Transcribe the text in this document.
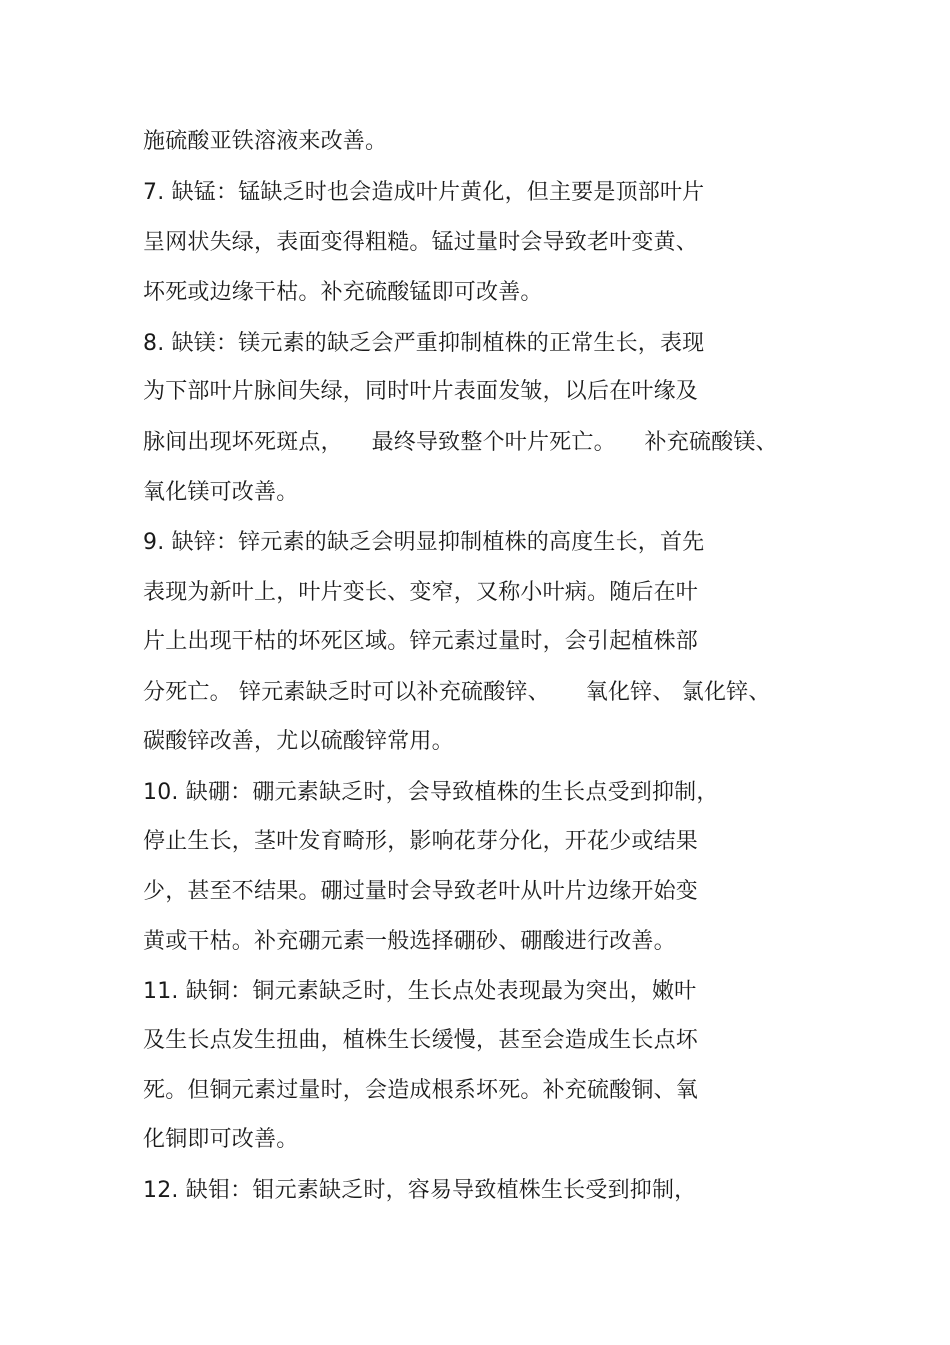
施硫酸亚铁溶液来改善。
7. 缺锰：锰缺乏时也会造成叶片黄化，但主要是顶部叶片
呈网状失绿，表面变得粗糙。锰过量时会导致老叶变黄、
坏死或边缘干枯。补充硫酸锰即可改善。
8. 缺镁：镁元素的缺乏会严重抑制植株的正常生长，表现
为下部叶片脉间失绿，同时叶片表面发皱，以后在叶缘及
脉间出现坏死斑点，    最终导致整个叶片死亡。    补充硫酸镁、
氧化镁可改善。
9. 缺锌：锌元素的缺乏会明显抑制植株的高度生长，首先
表现为新叶上，叶片变长、变窄，又称小叶病。随后在叶
片上出现干枯的坏死区域。锌元素过量时，会引起植株部
分死亡。 锌元素缺乏时可以补充硫酸锌、     氧化锌、 氯化锌、
碳酸锌改善，尤以硫酸锌常用。
10. 缺硼：硼元素缺乏时，会导致植株的生长点受到抑制，
停止生长，茎叶发育畸形，影响花芽分化，开花少或结果
少，甚至不结果。硼过量时会导致老叶从叶片边缘开始变
黄或干枯。补充硼元素一般选择硼砂、硼酸进行改善。
11. 缺铜：铜元素缺乏时，生长点处表现最为突出，嫩叶
及生长点发生扭曲，植株生长缓慢，甚至会造成生长点坏
死。但铜元素过量时，会造成根系坏死。补充硫酸铜、氧
化铜即可改善。
12. 缺钼：钼元素缺乏时，容易导致植株生长受到抑制，
